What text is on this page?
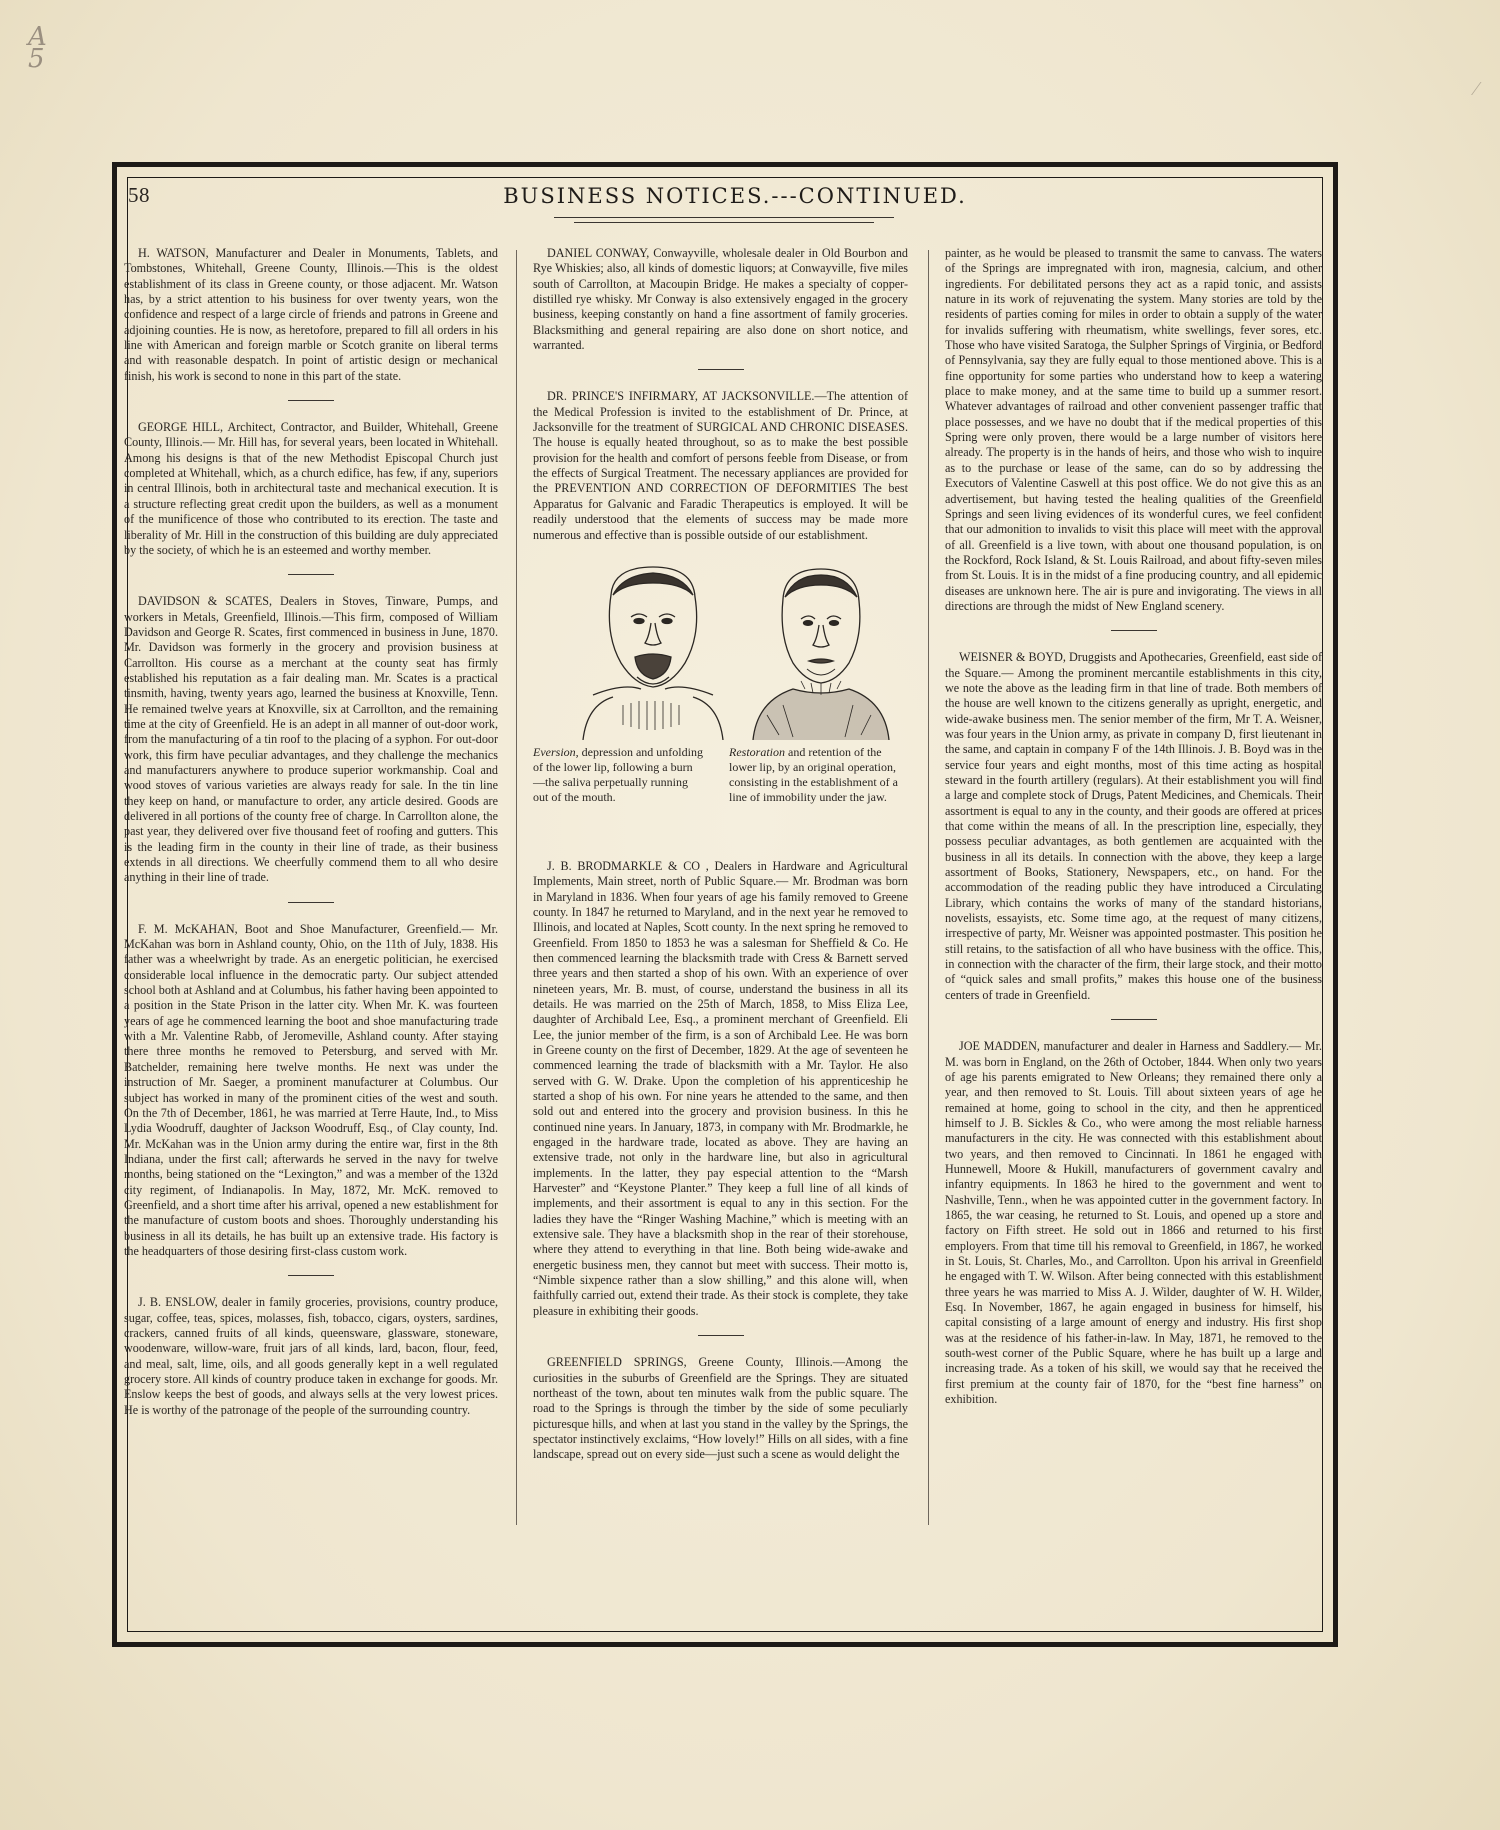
A
5
⁄
58	BUSINESS NOTICES.---CONTINUED.

H. WATSON, Manufacturer and Dealer in Monuments, Tablets, and Tombstones, Whitehall, Greene County, Illinois.—This is the oldest establishment of its class in Greene county, or those adjacent. Mr. Watson has, by a strict attention to his business for over twenty years, won the confidence and respect of a large circle of friends and patrons in Greene and adjoining counties. He is now, as heretofore, prepared to fill all orders in his line with American and foreign marble or Scotch granite on liberal terms and with reasonable despatch. In point of artistic design or mechanical finish, his work is second to none in this part of the state.

GEORGE HILL, Architect, Contractor, and Builder, Whitehall, Greene County, Illinois.— Mr. Hill has, for several years, been located in Whitehall. Among his designs is that of the new Methodist Episcopal Church just completed at Whitehall, which, as a church edifice, has few, if any, superiors in central Illinois, both in architectural taste and mechanical execution. It is a structure reflecting great credit upon the builders, as well as a monument of the munificence of those who contributed to its erection. The taste and liberality of Mr. Hill in the construction of this building are duly appreciated by the society, of which he is an esteemed and worthy member.

DAVIDSON & SCATES, Dealers in Stoves, Tinware, Pumps, and workers in Metals, Greenfield, Illinois.—This firm, composed of William Davidson and George R. Scates, first commenced in business in June, 1870. Mr. Davidson was formerly in the grocery and provision business at Carrollton. His course as a merchant at the county seat has firmly established his reputation as a fair dealing man. Mr. Scates is a practical tinsmith, having, twenty years ago, learned the business at Knoxville, Tenn. He remained twelve years at Knoxville, six at Carrollton, and the remaining time at the city of Greenfield. He is an adept in all manner of out-door work, from the manufacturing of a tin roof to the placing of a syphon. For out-door work, this firm have peculiar advantages, and they challenge the mechanics and manufacturers anywhere to produce superior workmanship. Coal and wood stoves of various varieties are always ready for sale. In the tin line they keep on hand, or manufacture to order, any article desired. Goods are delivered in all portions of the county free of charge. In Carrollton alone, the past year, they delivered over five thousand feet of roofing and gutters. This is the leading firm in the county in their line of trade, as their business extends in all directions. We cheerfully commend them to all who desire anything in their line of trade.

F. M. McKAHAN, Boot and Shoe Manufacturer, Greenfield.— Mr. McKahan was born in Ashland county, Ohio, on the 11th of July, 1838. His father was a wheelwright by trade. As an energetic politician, he exercised considerable local influence in the democratic party. Our subject attended school both at Ashland and at Columbus, his father having been appointed to a position in the State Prison in the latter city. When Mr. K. was fourteen years of age he commenced learning the boot and shoe manufacturing trade with a Mr. Valentine Rabb, of Jeromeville, Ashland county. After staying there three months he removed to Petersburg, and served with Mr. Batchelder, remaining here twelve months. He next was under the instruction of Mr. Saeger, a prominent manufacturer at Columbus. Our subject has worked in many of the prominent cities of the west and south. On the 7th of December, 1861, he was married at Terre Haute, Ind., to Miss Lydia Woodruff, daughter of Jackson Woodruff, Esq., of Clay county, Ind. Mr. McKahan was in the Union army during the entire war, first in the 8th Indiana, under the first call; afterwards he served in the navy for twelve months, being stationed on the “Lexington,” and was a member of the 132d city regiment, of Indianapolis. In May, 1872, Mr. McK. removed to Greenfield, and a short time after his arrival, opened a new establishment for the manufacture of custom boots and shoes. Thoroughly understanding his business in all its details, he has built up an extensive trade. His factory is the headquarters of those desiring first-class custom work.

J. B. ENSLOW, dealer in family groceries, provisions, country produce, sugar, coffee, teas, spices, molasses, fish, tobacco, cigars, oysters, sardines, crackers, canned fruits of all kinds, queensware, glassware, stoneware, woodenware, willow-ware, fruit jars of all kinds, lard, bacon, flour, feed, and meal, salt, lime, oils, and all goods generally kept in a well regulated grocery store. All kinds of country produce taken in exchange for goods. Mr. Enslow keeps the best of goods, and always sells at the very lowest prices. He is worthy of the patronage of the people of the surrounding country.

DANIEL CONWAY, Conwayville, wholesale dealer in Old Bourbon and Rye Whiskies; also, all kinds of domestic liquors; at Conwayville, five miles south of Carrollton, at Macoupin Bridge. He makes a specialty of copper-distilled rye whisky. Mr Conway is also extensively engaged in the grocery business, keeping constantly on hand a fine assortment of family groceries. Blacksmithing and general repairing are also done on short notice, and warranted.

DR. PRINCE'S INFIRMARY, AT JACKSONVILLE.—The attention of the Medical Profession is invited to the establishment of Dr. Prince, at Jacksonville for the treatment of SURGICAL AND CHRONIC DISEASES. The house is equally heated throughout, so as to make the best possible provision for the health and comfort of persons feeble from Disease, or from the effects of Surgical Treatment. The necessary appliances are provided for the PREVENTION AND CORRECTION OF DEFORMITIES The best Apparatus for Galvanic and Faradic Therapeutics is employed. It will be readily understood that the elements of success may be made more numerous and effective than is possible outside of our establishment.

Eversion, depression and unfolding of the lower lip, following a burn—the saliva perpetually running out of the mouth.
Restoration and retention of the lower lip, by an original operation, consisting in the establishment of a line of immobility under the jaw.

J. B. BRODMARKLE & CO , Dealers in Hardware and Agricultural Implements, Main street, north of Public Square.— Mr. Brodman was born in Maryland in 1836. When four years of age his family removed to Greene county. In 1847 he returned to Maryland, and in the next year he removed to Illinois, and located at Naples, Scott county. In the next spring he removed to Greenfield. From 1850 to 1853 he was a salesman for Sheffield & Co. He then commenced learning the blacksmith trade with Cress & Barnett served three years and then started a shop of his own. With an experience of over nineteen years, Mr. B. must, of course, understand the business in all its details. He was married on the 25th of March, 1858, to Miss Eliza Lee, daughter of Archibald Lee, Esq., a prominent merchant of Greenfield. Eli Lee, the junior member of the firm, is a son of Archibald Lee. He was born in Greene county on the first of December, 1829. At the age of seventeen he commenced learning the trade of blacksmith with a Mr. Taylor. He also served with G. W. Drake. Upon the completion of his apprenticeship he started a shop of his own. For nine years he attended to the same, and then sold out and entered into the grocery and provision business. In this he continued nine years. In January, 1873, in company with Mr. Brodmarkle, he engaged in the hardware trade, located as above. They are having an extensive trade, not only in the hardware line, but also in agricultural implements. In the latter, they pay especial attention to the “Marsh Harvester” and “Keystone Planter.” They keep a full line of all kinds of implements, and their assortment is equal to any in this section. For the ladies they have the “Ringer Washing Machine,” which is meeting with an extensive sale. They have a blacksmith shop in the rear of their storehouse, where they attend to everything in that line. Both being wide-awake and energetic business men, they cannot but meet with success. Their motto is, “Nimble sixpence rather than a slow shilling,” and this alone will, when faithfully carried out, extend their trade. As their stock is complete, they take pleasure in exhibiting their goods.

GREENFIELD SPRINGS, Greene County, Illinois.—Among the curiosities in the suburbs of Greenfield are the Springs. They are situated northeast of the town, about ten minutes walk from the public square. The road to the Springs is through the timber by the side of some peculiarly picturesque hills, and when at last you stand in the valley by the Springs, the spectator instinctively exclaims, “How lovely!” Hills on all sides, with a fine landscape, spread out on every side—just such a scene as would delight the

painter, as he would be pleased to transmit the same to canvass. The waters of the Springs are impregnated with iron, magnesia, calcium, and other ingredients. For debilitated persons they act as a rapid tonic, and assists nature in its work of rejuvenating the system. Many stories are told by the residents of parties coming for miles in order to obtain a supply of the water for invalids suffering with rheumatism, white swellings, fever sores, etc. Those who have visited Saratoga, the Sulpher Springs of Virginia, or Bedford of Pennsylvania, say they are fully equal to those mentioned above. This is a fine opportunity for some parties who understand how to keep a watering place to make money, and at the same time to build up a summer resort. Whatever advantages of railroad and other convenient passenger traffic that place possesses, and we have no doubt that if the medical properties of this Spring were only proven, there would be a large number of visitors here already. The property is in the hands of heirs, and those who wish to inquire as to the purchase or lease of the same, can do so by addressing the Executors of Valentine Caswell at this post office. We do not give this as an advertisement, but having tested the healing qualities of the Greenfield Springs and seen living evidences of its wonderful cures, we feel confident that our admonition to invalids to visit this place will meet with the approval of all. Greenfield is a live town, with about one thousand population, is on the Rockford, Rock Island, & St. Louis Railroad, and about fifty-seven miles from St. Louis. It is in the midst of a fine producing country, and all epidemic diseases are unknown here. The air is pure and invigorating. The views in all directions are through the midst of New England scenery.

WEISNER & BOYD, Druggists and Apothecaries, Greenfield, east side of the Square.— Among the prominent mercantile establishments in this city, we note the above as the leading firm in that line of trade. Both members of the house are well known to the citizens generally as upright, energetic, and wide-awake business men. The senior member of the firm, Mr T. A. Weisner, was four years in the Union army, as private in company D, first lieutenant in the same, and captain in company F of the 14th Illinois. J. B. Boyd was in the service four years and eight months, most of this time acting as hospital steward in the fourth artillery (regulars). At their establishment you will find a large and complete stock of Drugs, Patent Medicines, and Chemicals. Their assortment is equal to any in the county, and their goods are offered at prices that come within the means of all. In the prescription line, especially, they possess peculiar advantages, as both gentlemen are acquainted with the business in all its details. In connection with the above, they keep a large assortment of Books, Stationery, Newspapers, etc., on hand. For the accommodation of the reading public they have introduced a Circulating Library, which contains the works of many of the standard historians, novelists, essayists, etc. Some time ago, at the request of many citizens, irrespective of party, Mr. Weisner was appointed postmaster. This position he still retains, to the satisfaction of all who have business with the office. This, in connection with the character of the firm, their large stock, and their motto of “quick sales and small profits,” makes this house one of the business centers of trade in Greenfield.

JOE MADDEN, manufacturer and dealer in Harness and Saddlery.— Mr. M. was born in England, on the 26th of October, 1844. When only two years of age his parents emigrated to New Orleans; they remained there only a year, and then removed to St. Louis. Till about sixteen years of age he remained at home, going to school in the city, and then he apprenticed himself to J. B. Sickles & Co., who were among the most reliable harness manufacturers in the city. He was connected with this establishment about two years, and then removed to Cincinnati. In 1861 he engaged with Hunnewell, Moore & Hukill, manufacturers of government cavalry and infantry equipments. In 1863 he hired to the government and went to Nashville, Tenn., when he was appointed cutter in the government factory. In 1865, the war ceasing, he returned to St. Louis, and opened up a store and factory on Fifth street. He sold out in 1866 and returned to his first employers. From that time till his removal to Greenfield, in 1867, he worked in St. Louis, St. Charles, Mo., and Carrollton. Upon his arrival in Greenfield he engaged with T. W. Wilson. After being connected with this establishment three years he was married to Miss A. J. Wilder, daughter of W. H. Wilder, Esq. In November, 1867, he again engaged in business for himself, his capital consisting of a large amount of energy and industry. His first shop was at the residence of his father-in-law. In May, 1871, he removed to the south-west corner of the Public Square, where he has built up a large and increasing trade. As a token of his skill, we would say that he received the first premium at the county fair of 1870, for the “best fine harness” on exhibition.
